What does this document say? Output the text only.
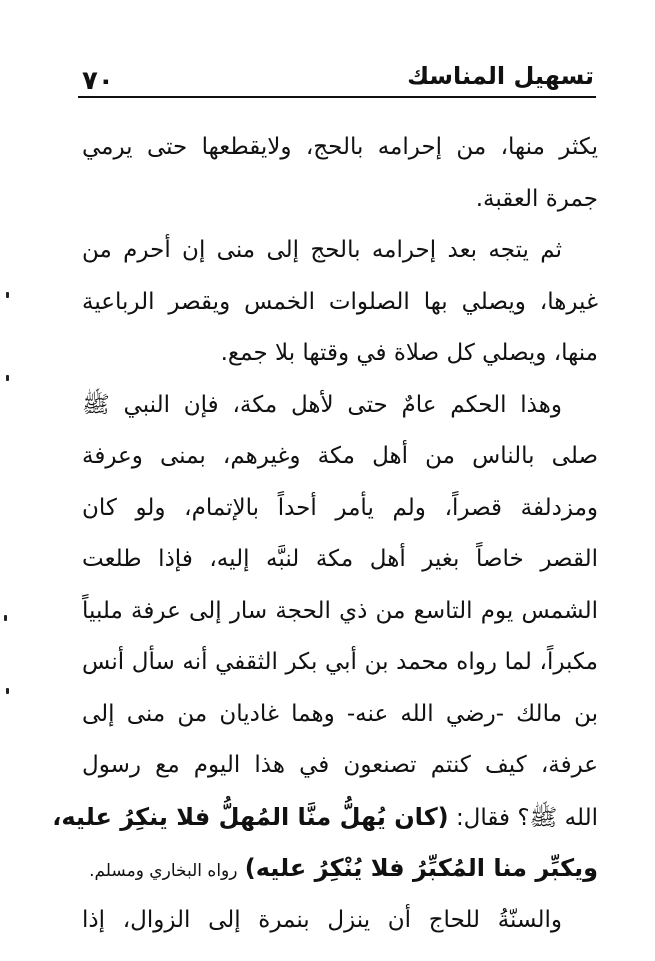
٧٠	تسهيل المناسك
يكثر منها، من إحرامه بالحج، ولايقطعها حتى يرمي
جمرة العقبة.
ثم يتجه بعد إحرامه بالحج إلى منى إن أحرم من
غيرها، ويصلي بها الصلوات الخمس ويقصر الرباعية
منها، ويصلي كل صلاة في وقتها بلا جمع.
وهذا الحكم عامٌ حتى لأهل مكة، فإن النبي ﷺ
صلى بالناس من أهل مكة وغيرهم، بمنى وعرفة
ومزدلفة قصراً، ولم يأمر أحداً بالإتمام، ولو كان
القصر خاصاً بغير أهل مكة لنبَّه إليه، فإذا طلعت
الشمس يوم التاسع من ذي الحجة سار إلى عرفة ملبياً
مكبراً، لما رواه محمد بن أبي بكر الثقفي أنه سأل أنس
بن مالك -رضي الله عنه- وهما غاديان من منى إلى
عرفة، كيف كنتم تصنعون في هذا اليوم مع رسول
الله ﷺ؟ فقال: (كان يُهلُّ منَّا المُهلُّ فلا ينكِرُ عليه،
ويكبِّر منا المُكبِّرُ فلا يُنْكِرُ عليه) رواه البخاري ومسلم.
والسنّةُ للحاج أن ينزل بنمرة إلى الزوال، إذا
